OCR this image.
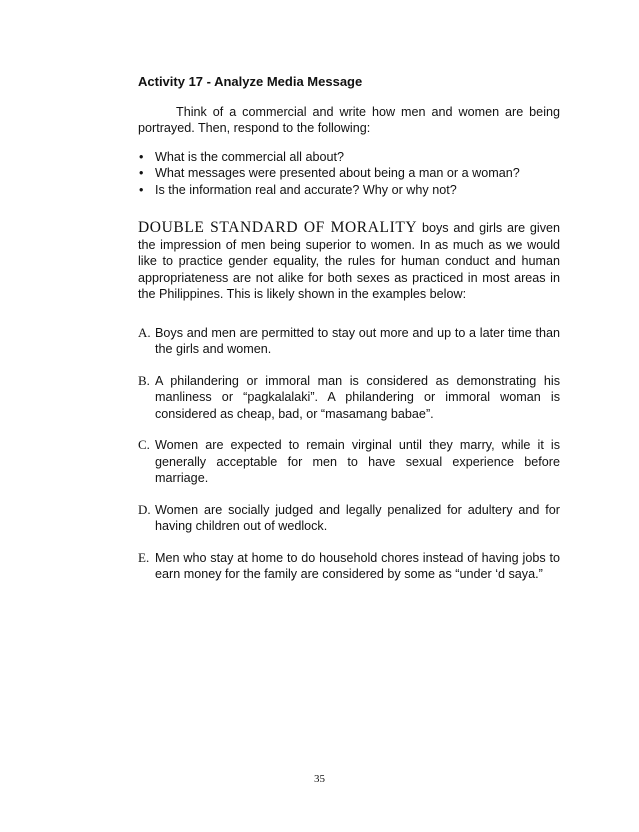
Activity 17 - Analyze Media Message

Think of a commercial and write how men and women are being portrayed. Then, respond to the following:

• What is the commercial all about?
• What messages were presented about being a man or a woman?
• Is the information real and accurate? Why or why not?

DOUBLE STANDARD OF MORALITY boys and girls are given the impression of men being superior to women. In as much as we would like to practice gender equality, the rules for human conduct and human appropriateness are not alike for both sexes as practiced in most areas in the Philippines. This is likely shown in the examples below:

A. Boys and men are permitted to stay out more and up to a later time than the girls and women.
B. A philandering or immoral man is considered as demonstrating his manliness or “pagkalalaki”. A philandering or immoral woman is considered as cheap, bad, or “masamang babae”.
C. Women are expected to remain virginal until they marry, while it is generally acceptable for men to have sexual experience before marriage.
D. Women are socially judged and legally penalized for adultery and for having children out of wedlock.
E. Men who stay at home to do household chores instead of having jobs to earn money for the family are considered by some as “under ‘d saya.”
35
